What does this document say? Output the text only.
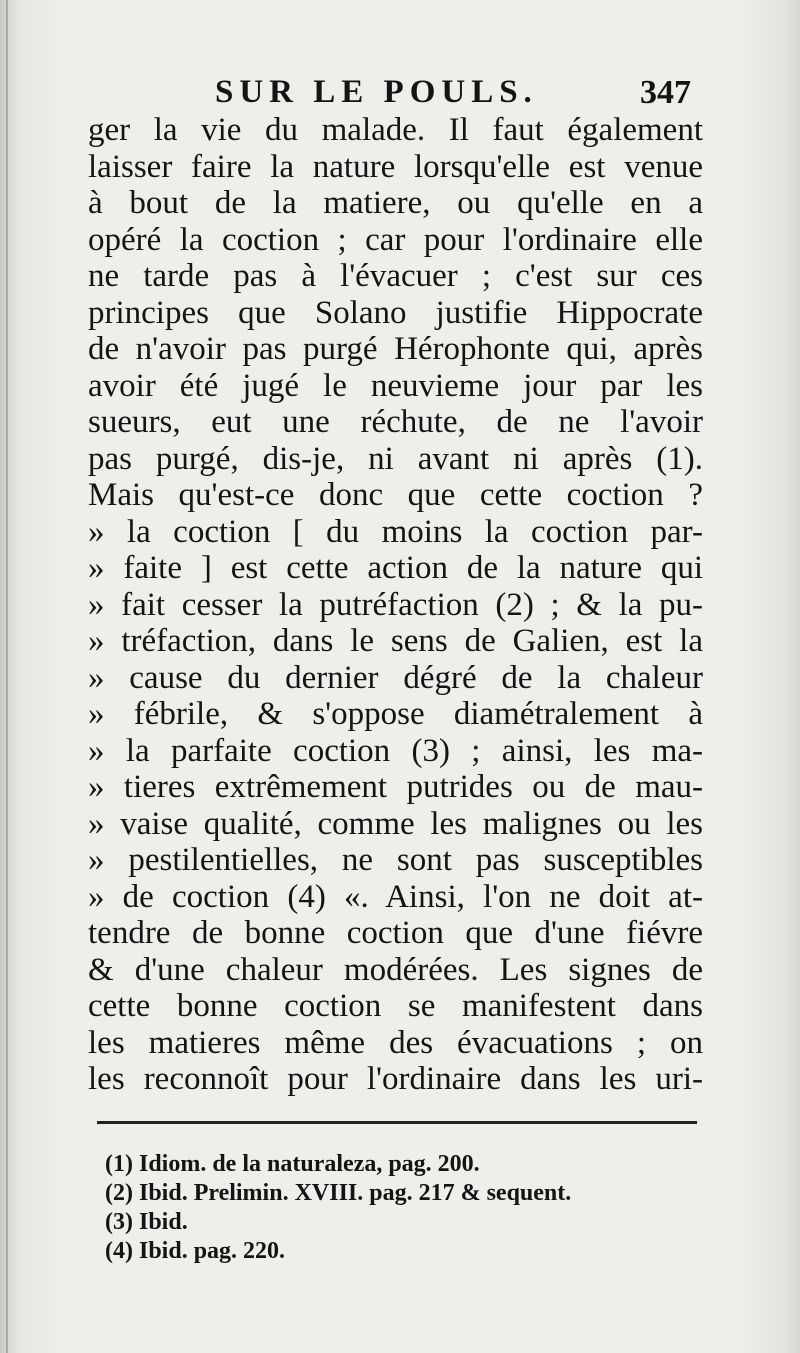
SUR LE POULS.	347
ger la vie du malade. Il faut également
laisser faire la nature lorsqu'elle est venue
à bout de la matiere, ou qu'elle en a
opéré la coction ; car pour l'ordinaire elle
ne tarde pas à l'évacuer ; c'est sur ces
principes que Solano justifie Hippocrate
de n'avoir pas purgé Hérophonte qui, après
avoir été jugé le neuvieme jour par les
sueurs, eut une réchute, de ne l'avoir
pas purgé, dis-je, ni avant ni après (1).
Mais qu'est-ce donc que cette coction ?
» la coction [ du moins la coction par-
» faite ] est cette action de la nature qui
» fait cesser la putréfaction (2) ; & la pu-
» tréfaction, dans le sens de Galien, est la
» cause du dernier dégré de la chaleur
» fébrile, & s'oppose diamétralement à
» la parfaite coction (3) ; ainsi, les ma-
» tieres extrêmement putrides ou de mau-
» vaise qualité, comme les malignes ou les
» pestilentielles, ne sont pas susceptibles
» de coction (4) «. Ainsi, l'on ne doit at-
tendre de bonne coction que d'une fiévre
& d'une chaleur modérées. Les signes de
cette bonne coction se manifestent dans
les matieres même des évacuations ; on
les reconnoît pour l'ordinaire dans les uri-
(1) Idiom. de la naturaleza, pag. 200.
(2) Ibid. Prelimin. XVIII. pag. 217 & sequent.
(3) Ibid.
(4) Ibid. pag. 220.
